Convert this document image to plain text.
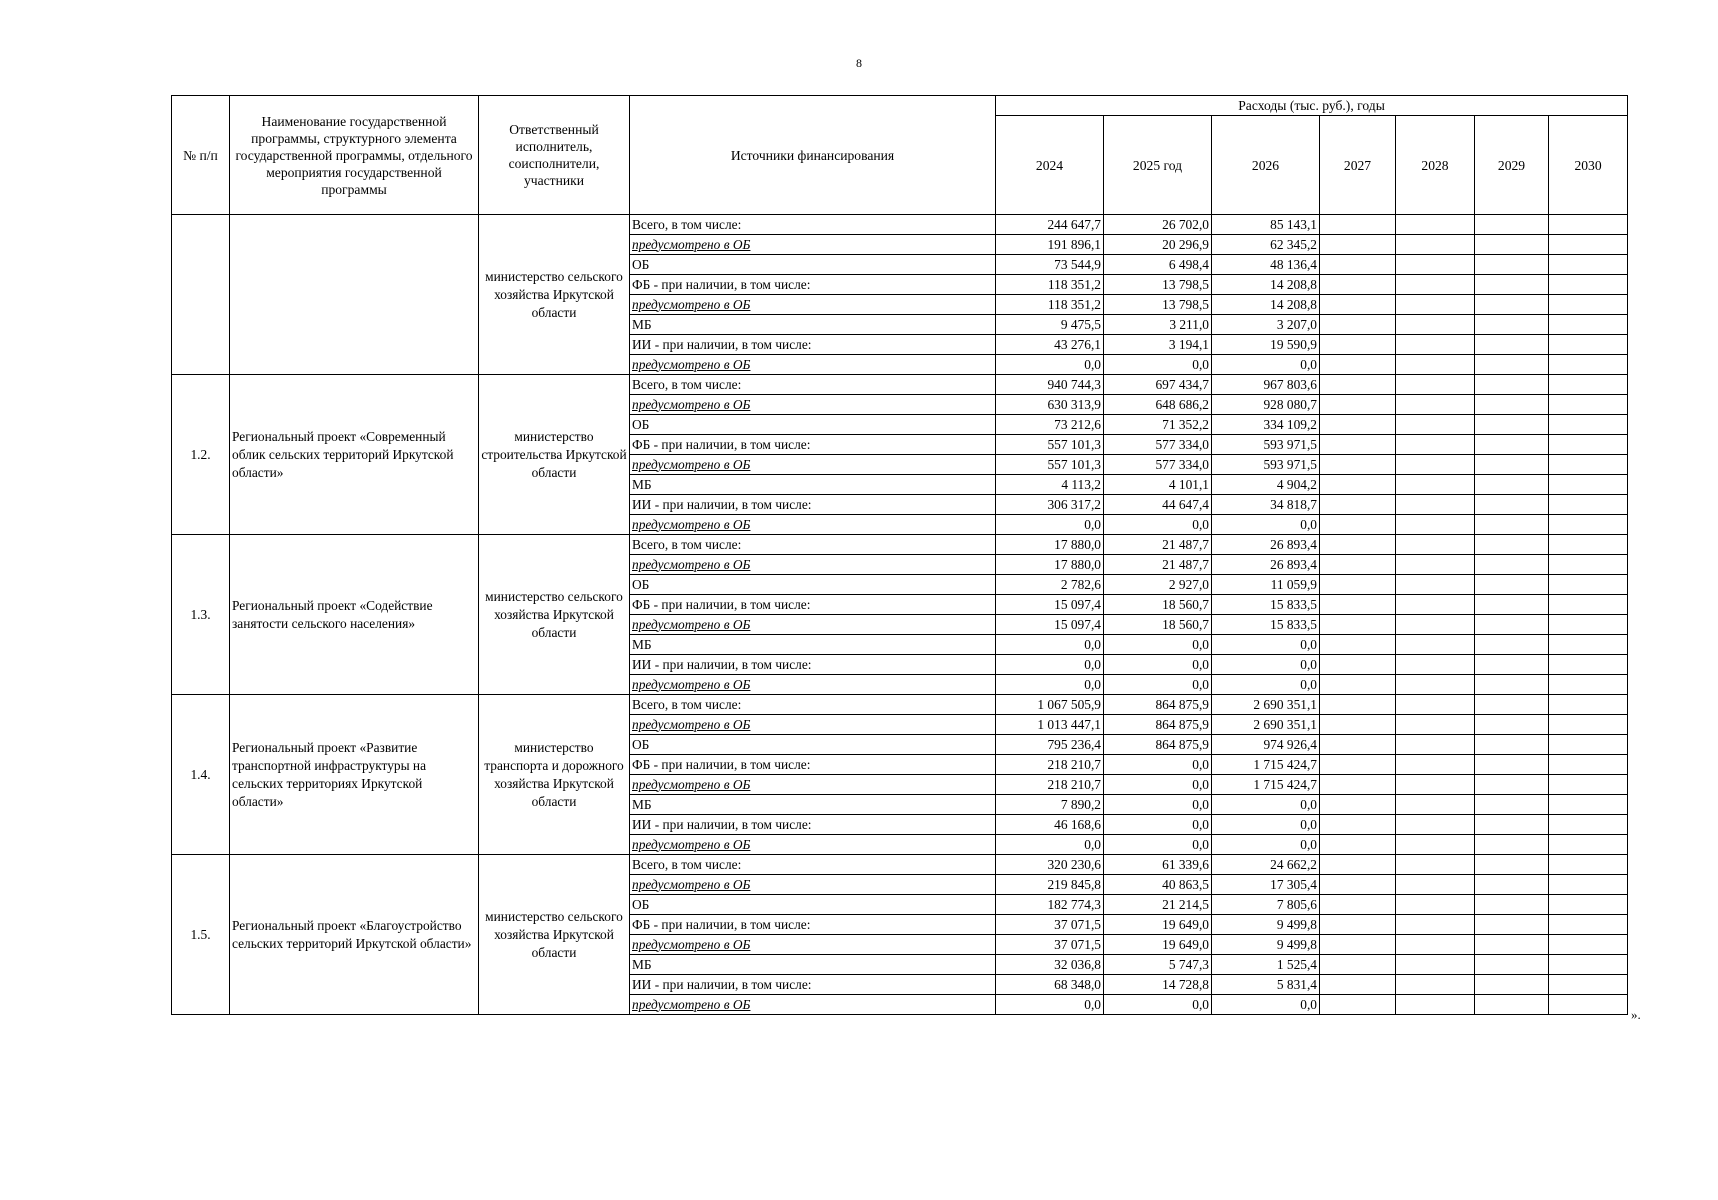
8
№ п/п	Наименование государственной программы, структурного элемента государственной программы, отдельного мероприятия государственной программы	Ответственный исполнитель, соисполнители, участники	Источники финансирования	Расходы (тыс. руб.), годы						
				2024	2025 год	2026	2027	2028	2029	2030
		министерство сельского хозяйства Иркутской области	Всего, в том числе:	244 647,7	26 702,0	85 143,1				
			предусмотрено в ОБ	191 896,1	20 296,9	62 345,2				
			ОБ	73 544,9	6 498,4	48 136,4				
			ФБ - при наличии, в том числе:	118 351,2	13 798,5	14 208,8				
			предусмотрено в ОБ	118 351,2	13 798,5	14 208,8				
			МБ	9 475,5	3 211,0	3 207,0				
			ИИ - при наличии, в том числе:	43 276,1	3 194,1	19 590,9				
			предусмотрено в ОБ	0,0	0,0	0,0				
1.2.	Региональный проект «Современный облик сельских территорий Иркутской области»	министерство строительства Иркутской области	Всего, в том числе:	940 744,3	697 434,7	967 803,6				
			предусмотрено в ОБ	630 313,9	648 686,2	928 080,7				
			ОБ	73 212,6	71 352,2	334 109,2				
			ФБ - при наличии, в том числе:	557 101,3	577 334,0	593 971,5				
			предусмотрено в ОБ	557 101,3	577 334,0	593 971,5				
			МБ	4 113,2	4 101,1	4 904,2				
			ИИ - при наличии, в том числе:	306 317,2	44 647,4	34 818,7				
			предусмотрено в ОБ	0,0	0,0	0,0				
1.3.	Региональный проект «Содействие занятости сельского населения»	министерство сельского хозяйства Иркутской области	Всего, в том числе:	17 880,0	21 487,7	26 893,4				
			предусмотрено в ОБ	17 880,0	21 487,7	26 893,4				
			ОБ	2 782,6	2 927,0	11 059,9				
			ФБ - при наличии, в том числе:	15 097,4	18 560,7	15 833,5				
			предусмотрено в ОБ	15 097,4	18 560,7	15 833,5				
			МБ	0,0	0,0	0,0				
			ИИ - при наличии, в том числе:	0,0	0,0	0,0				
			предусмотрено в ОБ	0,0	0,0	0,0				
1.4.	Региональный проект «Развитие транспортной инфраструктуры на сельских территориях Иркутской области»	министерство транспорта и дорожного хозяйства Иркутской области	Всего, в том числе:	1 067 505,9	864 875,9	2 690 351,1				
			предусмотрено в ОБ	1 013 447,1	864 875,9	2 690 351,1				
			ОБ	795 236,4	864 875,9	974 926,4				
			ФБ - при наличии, в том числе:	218 210,7	0,0	1 715 424,7				
			предусмотрено в ОБ	218 210,7	0,0	1 715 424,7				
			МБ	7 890,2	0,0	0,0				
			ИИ - при наличии, в том числе:	46 168,6	0,0	0,0				
			предусмотрено в ОБ	0,0	0,0	0,0				
1.5.	Региональный проект «Благоустройство сельских территорий Иркутской области»	министерство сельского хозяйства Иркутской области	Всего, в том числе:	320 230,6	61 339,6	24 662,2				
			предусмотрено в ОБ	219 845,8	40 863,5	17 305,4				
			ОБ	182 774,3	21 214,5	7 805,6				
			ФБ - при наличии, в том числе:	37 071,5	19 649,0	9 499,8				
			предусмотрено в ОБ	37 071,5	19 649,0	9 499,8				
			МБ	32 036,8	5 747,3	1 525,4				
			ИИ - при наличии, в том числе:	68 348,0	14 728,8	5 831,4				
			предусмотрено в ОБ	0,0	0,0	0,0				
».
